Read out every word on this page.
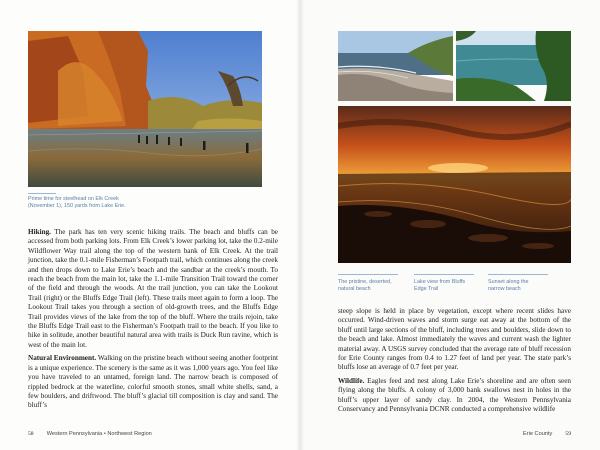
Prime time for steelhead on Elk Creek
(November 1), 150 yards from Lake Erie.

Hiking. The park has ten very scenic hiking trails. The beach and bluffs can be accessed from both parking lots. From Elk Creek’s lower parking lot, take the 0.2-mile Wildflower Way trail along the top of the western bank of Elk Creek. At the trail junction, take the 0.1-mile Fisherman’s Footpath trail, which continues along the creek and then drops down to Lake Erie’s beach and the sandbar at the creek’s mouth. To reach the beach from the main lot, take the 1.1-mile Transition Trail toward the corner of the field and through the woods. At the trail junction, you can take the Lookout Trail (right) or the Bluffs Edge Trail (left). These trails meet again to form a loop. The Lookout Trail takes you through a section of old-growth trees, and the Bluffs Edge Trail provides views of the lake from the top of the bluff. Where the trails rejoin, take the Bluffs Edge Trail east to the Fisherman’s Footpath trail to the beach. If you like to hike in solitude, another beautiful natural area with trails is Duck Run ravine, which is west of the main lot.

Natural Environment. Walking on the pristine beach without seeing another footprint is a unique experience. The scenery is the same as it was 1,000 years ago. You feel like you have traveled to an untamed, foreign land. The narrow beach is composed of rippled bedrock at the waterline, colorful smooth stones, small white shells, sand, a few boulders, and driftwood. The bluff’s glacial till composition is clay and sand. The bluff’s

58 Western Pennsylvania • Northwest Region
The pristine, deserted,
natural beach
Lake view from Bluffs
Edge Trail
Sunset along the
narrow beach

steep slope is held in place by vegetation, except where recent slides have occurred. Wind-driven waves and storm surge eat away at the bottom of the bluff until large sections of the bluff, including trees and boulders, slide down to the beach and lake. Almost immediately the waves and current wash the lighter material away. A USGS survey concluded that the average rate of bluff recession for Erie County ranges from 0.4 to 1.27 feet of land per year. The state park’s bluffs lose an average of 0.7 feet per year.

Wildlife. Eagles feed and nest along Lake Erie’s shoreline and are often seen flying along the bluffs. A colony of 3,000 bank swallows nest in holes in the bluff’s upper layer of sandy clay. In 2004, the Western Pennsylvania Conservancy and Pennsylvania DCNR conducted a comprehensive wildlife

Erie County 59
